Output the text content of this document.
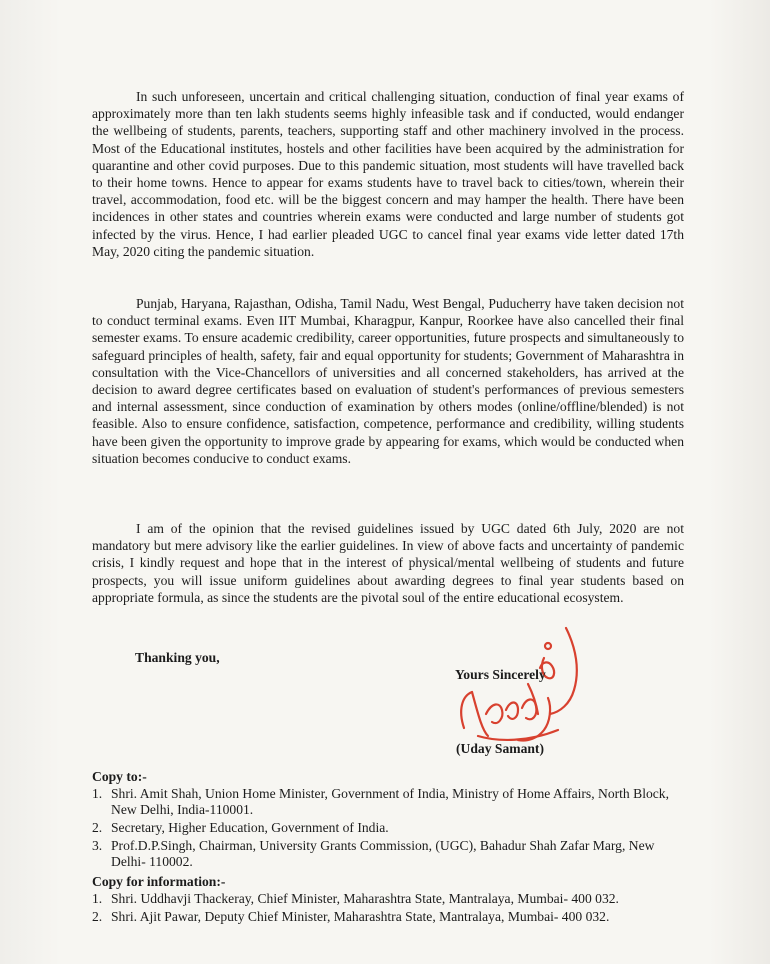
In such unforeseen, uncertain and critical challenging situation, conduction of final year exams of approximately more than ten lakh students seems highly infeasible task and if conducted, would endanger the wellbeing of students, parents, teachers, supporting staff and other machinery involved in the process. Most of the Educational institutes, hostels and other facilities have been acquired by the administration for quarantine and other covid purposes. Due to this pandemic situation, most students will have travelled back to their home towns. Hence to appear for exams students have to travel back to cities/town, wherein their travel, accommodation, food etc. will be the biggest concern and may hamper the health. There have been incidences in other states and countries wherein exams were conducted and large number of students got infected by the virus. Hence, I had earlier pleaded UGC to cancel final year exams vide letter dated 17th May, 2020 citing the pandemic situation.

Punjab, Haryana, Rajasthan, Odisha, Tamil Nadu, West Bengal, Puducherry have taken decision not to conduct terminal exams. Even IIT Mumbai, Kharagpur, Kanpur, Roorkee have also cancelled their final semester exams. To ensure academic credibility, career opportunities, future prospects and simultaneously to safeguard principles of health, safety, fair and equal opportunity for students; Government of Maharashtra in consultation with the Vice-Chancellors of universities and all concerned stakeholders, has arrived at the decision to award degree certificates based on evaluation of student's performances of previous semesters and internal assessment, since conduction of examination by others modes (online/offline/blended) is not feasible. Also to ensure confidence, satisfaction, competence, performance and credibility, willing students have been given the opportunity to improve grade by appearing for exams, which would be conducted when situation becomes conducive to conduct exams.

I am of the opinion that the revised guidelines issued by UGC dated 6th July, 2020 are not mandatory but mere advisory like the earlier guidelines. In view of above facts and uncertainty of pandemic crisis, I kindly request and hope that in the interest of physical/mental wellbeing of students and future prospects, you will issue uniform guidelines about awarding degrees to final year students based on appropriate formula, as since the students are the pivotal soul of the entire educational ecosystem.

Thanking you,
Yours Sincerely
(Uday Samant)
Copy to:-
1. Shri. Amit Shah, Union Home Minister, Government of India, Ministry of Home Affairs, North Block, New Delhi, India-110001.
2. Secretary, Higher Education, Government of India.
3. Prof.D.P.Singh, Chairman, University Grants Commission, (UGC), Bahadur Shah Zafar Marg, New Delhi- 110002.
Copy for information:-
1. Shri. Uddhavji Thackeray, Chief Minister, Maharashtra State, Mantralaya, Mumbai- 400 032.
2. Shri. Ajit Pawar, Deputy Chief Minister, Maharashtra State, Mantralaya, Mumbai- 400 032.
